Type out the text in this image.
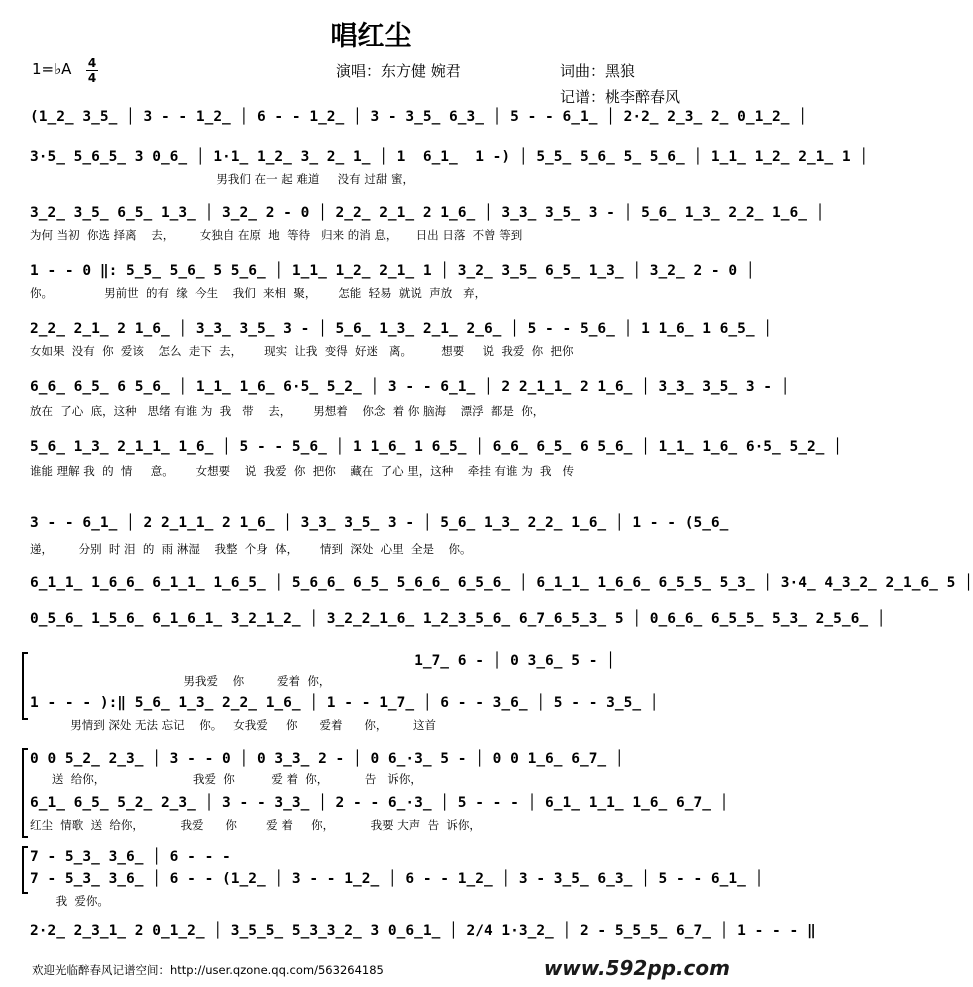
唱红尘
1=♭A 4
4	演唱：东方健 婉君	词曲：黑狼
记谱：桃李醉春风
(1̲2̲ 3̲5̲ │ 3 - - 1̲2̲ │ 6 - - 1̲2̲ │ 3 - 3̲5̲ 6̲3̲ │ 5 - - 6̲1̲ │ 2·2̲ 2̲3̲ 2̲ 0̲1̲2̲ │
3·5̲ 5̲6̲5̲ 3 0̲6̲ │ 1·1̲ 1̲2̲ 3̲ 2̲ 1̲ │ 1  6̲1̲  1 -) │ 5̲5̲ 5̲6̲ 5̲ 5̲6̲ │ 1̲1̲ 1̲2̲ 2̲1̲ 1 │
男我们 在一 起 难道     没有 过甜 蜜，
3̲2̲ 3̲5̲ 6̲5̲ 1̲3̲ │ 3̲2̲ 2 - 0 │ 2̲2̲ 2̲1̲ 2 1̲6̲ │ 3̲3̲ 3̲5̲ 3 - │ 5̲6̲ 1̲3̲ 2̲2̲ 1̲6̲ │
为何 当初  你选 择离    去，       女独自 在原  地  等待   归来 的消 息，     日出 日落  不曾 等到
1 - - 0 ‖: 5̲5̲ 5̲6̲ 5 5̲6̲ │ 1̲1̲ 1̲2̲ 2̲1̲ 1 │ 3̲2̲ 3̲5̲ 6̲5̲ 1̲3̲ │ 3̲2̲ 2 - 0 │
你。              男前世  的有  缘  今生    我们  来相  聚，      怎能  轻易  就说  声放   弃，
2̲2̲ 2̲1̲ 2 1̲6̲ │ 3̲3̲ 3̲5̲ 3 - │ 5̲6̲ 1̲3̲ 2̲1̲ 2̲6̲ │ 5 - - 5̲6̲ │ 1 1̲6̲ 1 6̲5̲ │
女如果  没有  你  爱该    怎么  走下  去，      现实  让我  变得  好迷   离。        想要     说  我爱  你  把你
6̲6̲ 6̲5̲ 6 5̲6̲ │ 1̲1̲ 1̲6̲ 6·5̲ 5̲2̲ │ 3 - - 6̲1̲ │ 2 2̲1̲1̲ 2 1̲6̲ │ 3̲3̲ 3̲5̲ 3 - │
放在  了心  底，这种   思绪 有谁 为  我   带    去，      男想着    你念  着 你 脑海    漂浮  都是  你，
5̲6̲ 1̲3̲ 2̲1̲1̲ 1̲6̲ │ 5 - - 5̲6̲ │ 1 1̲6̲ 1 6̲5̲ │ 6̲6̲ 6̲5̲ 6 5̲6̲ │ 1̲1̲ 1̲6̲ 6·5̲ 5̲2̲ │
谁能 理解 我  的  情     意。      女想要    说  我爱  你  把你    藏在  了心 里，这种    牵挂 有谁 为  我   传
3 - - 6̲1̲ │ 2 2̲1̲1̲ 2 1̲6̲ │ 3̲3̲ 3̲5̲ 3 - │ 5̲6̲ 1̲3̲ 2̲2̲ 1̲6̲ │ 1 - - (5̲6̲
递，       分别  时 泪  的  雨 淋湿    我整  个身  体，      情到  深处  心里  全是    你。
6̲1̲1̲ 1̲6̲6̲ 6̲1̲1̲ 1̲6̲5̲ │ 5̲6̲6̲ 6̲5̲ 5̲6̲6̲ 6̲5̲6̲ │ 6̲1̲1̲ 1̲6̲6̲ 6̲5̲5̲ 5̲3̲ │ 3·4̲ 4̲3̲2̲ 2̲1̲6̲ 5 │
0̲5̲6̲ 1̲5̲6̲ 6̲1̲6̲1̲ 3̲2̲1̲2̲ │ 3̲2̲2̲1̲6̲ 1̲2̲3̲5̲6̲ 6̲7̲6̲5̲3̲ 5 │ 0̲6̲6̲ 6̲5̲5̲ 5̲3̲ 2̲5̲6̲ │
1̲7̲ 6 - │ 0 3̲6̲ 5 - │
男我爱    你         爱着  你，
1 - - - ):‖ 5̲6̲ 1̲3̲ 2̲2̲ 1̲6̲ │ 1 - - 1̲7̲ │ 6 - - 3̲6̲ │ 5 - - 3̲5̲ │
男情到 深处 无法 忘记    你。   女我爱     你      爱着      你，       这首
0 0 5̲2̲ 2̲3̲ │ 3 - - 0 │ 0 3̲3̲ 2 - │ 0 6̲·3̲ 5 - │ 0 0 1̲6̲ 6̲7̲ │
送  给你，                        我爱  你          爱 着  你，          告   诉你，
6̲1̲ 6̲5̲ 5̲2̲ 2̲3̲ │ 3 - - 3̲3̲ │ 2 - - 6̲·3̲ │ 5 - - - │ 6̲1̲ 1̲1̲ 1̲6̲ 6̲7̲ │
红尘  情歌  送  给你，          我爱      你        爱 着     你，          我要 大声  告  诉你，
7 - 5̲3̲ 3̲6̲ │ 6 - - -
7 - 5̲3̲ 3̲6̲ │ 6 - - (1̲2̲ │ 3 - - 1̲2̲ │ 6 - - 1̲2̲ │ 3 - 3̲5̲ 6̲3̲ │ 5 - - 6̲1̲ │
我  爱你。
2·2̲ 2̲3̲1̲ 2 0̲1̲2̲ │ 3̲5̲5̲ 5̲3̲3̲2̲ 3 0̲6̲1̲ │ 2/4 1·3̲2̲ │ 2 - 5̲5̲5̲ 6̲7̲ │ 1 - - - ‖
欢迎光临醉春风记谱空间：http://user.qzone.qq.com/563264185	www.592pp.com
